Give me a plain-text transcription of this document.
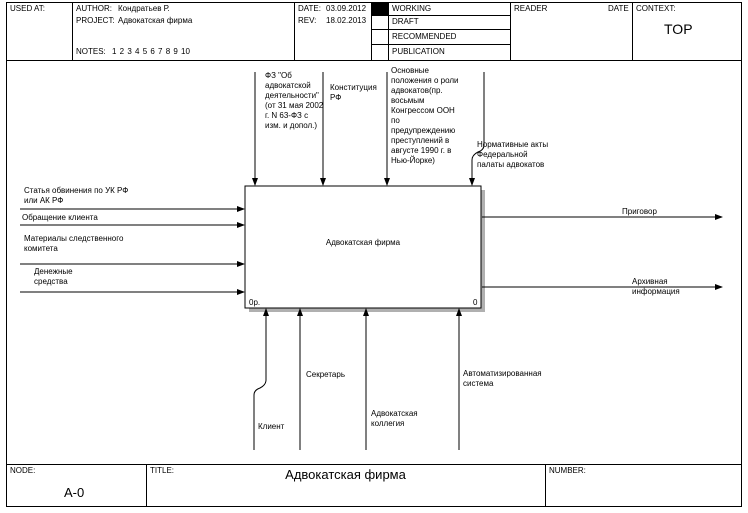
USED AT:	AUTHOR: Кондратьев Р.
PROJECT: Адвокатская фирма
NOTES: 1 2 3 4 5 6 7 8 9 10
DATE: 03.09.2012
REV: 18.02.2013
WORKING
DRAFT
RECOMMENDED
PUBLICATION
READER	DATE CONTEXT:
TOP
Адвокатская фирма
0р.	0
Статья обвинения по УК РФ или АК РФ
Обращение клиента
Материалы следственного комитета
Денежные средства
ФЗ "Об адвокатской деятельности" (от 31 мая 2002 г. N 63-ФЗ с изм. и допол.)
Конституция РФ
Основные положения о роли адвокатов(пр. восьмым Конгрессом ООН по предупреждению преступлений в августе 1990 г. в Нью-Йорке)
Нормативные акты Федеральной палаты адвокатов
Приговор
Архивная информация
Клиент
Секретарь
Адвокатская коллегия
Автоматизированная система
NODE:
A-0
TITLE:	Адвокатская фирма	NUMBER:
